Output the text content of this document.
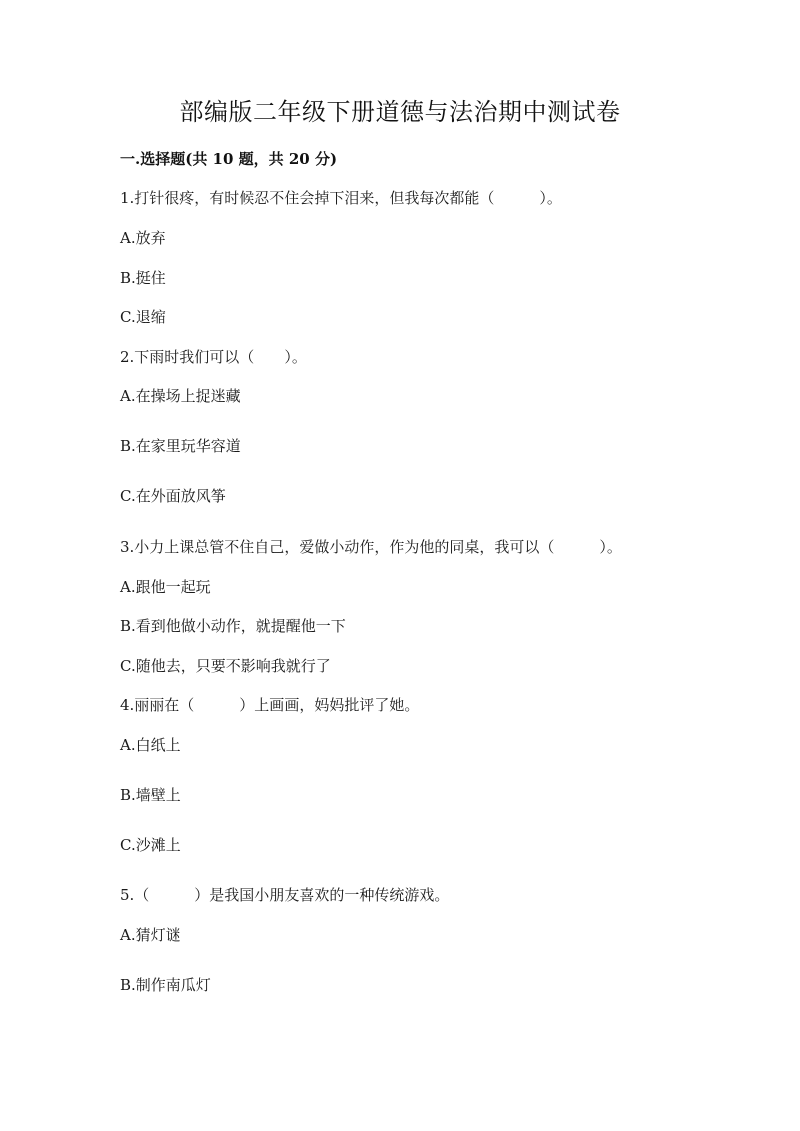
部编版二年级下册道德与法治期中测试卷
一.选择题(共 10 题，共 20 分)
1.打针很疼，有时候忍不住会掉下泪来，但我每次都能（　　　）。
A.放弃
B.挺住
C.退缩
2.下雨时我们可以（　　）。
A.在操场上捉迷藏
B.在家里玩华容道
C.在外面放风筝
3.小力上课总管不住自己，爱做小动作，作为他的同桌，我可以（　　　）。
A.跟他一起玩
B.看到他做小动作，就提醒他一下
C.随他去，只要不影响我就行了
4.丽丽在（　　　）上画画，妈妈批评了她。
A.白纸上
B.墙壁上
C.沙滩上
5.（　　　）是我国小朋友喜欢的一种传统游戏。
A.猜灯谜
B.制作南瓜灯
